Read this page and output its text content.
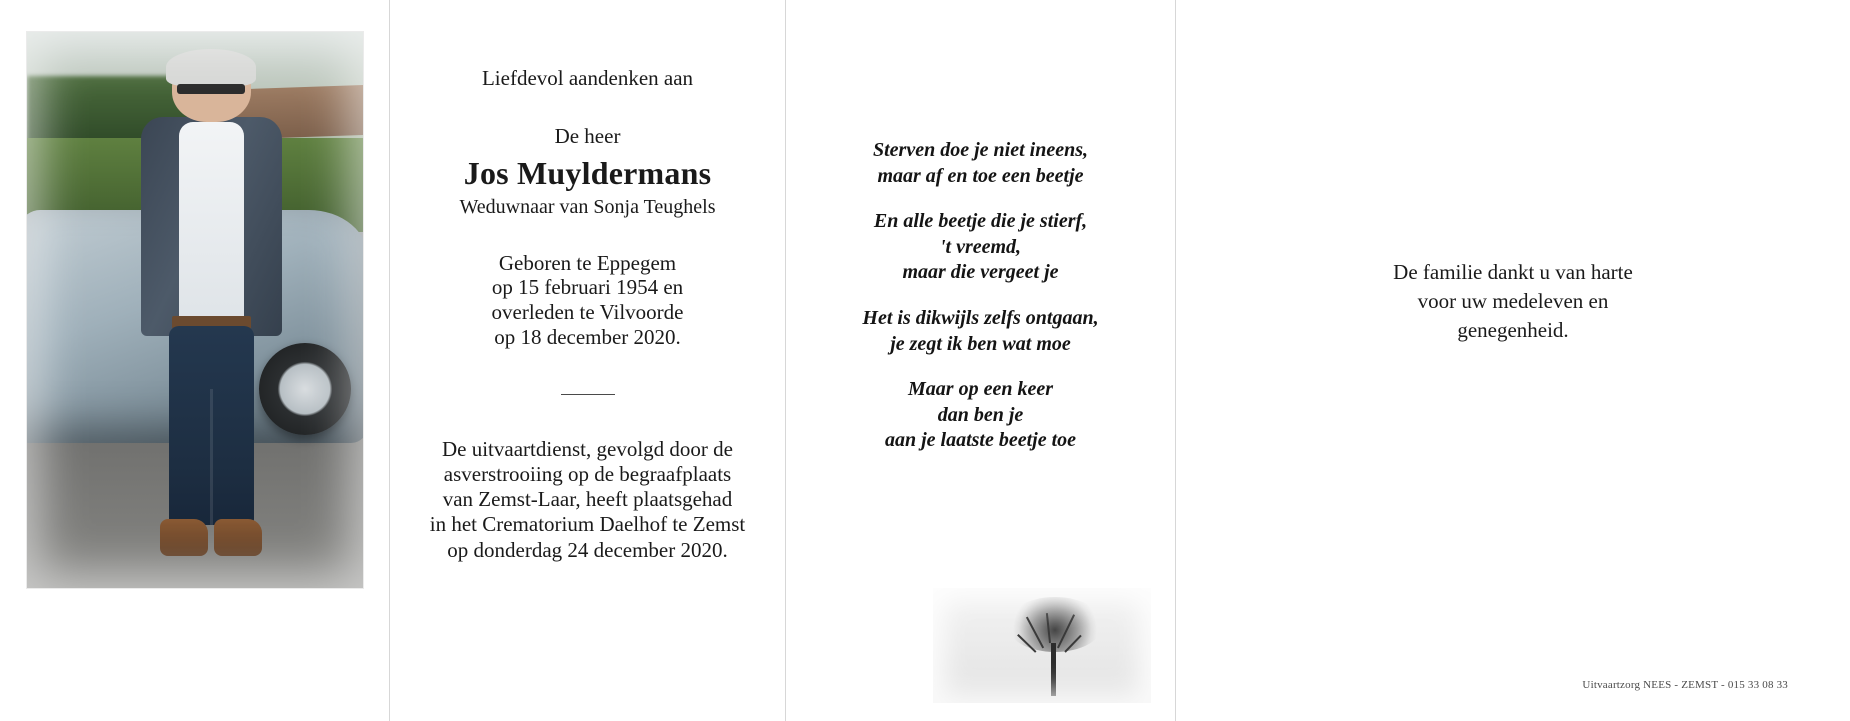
Liefdevol aandenken aan
De heer
Jos Muyldermans
Weduwnaar van Sonja Teughels
Geboren te Eppegem
op 15 februari 1954 en
overleden te Vilvoorde
op 18 december 2020.
De uitvaartdienst, gevolgd door de
asverstrooiing op de begraafplaats
van Zemst-Laar, heeft plaatsgehad
in het Crematorium Daelhof te Zemst
op donderdag 24 december 2020.
Sterven doe je niet ineens,
maar af en toe een beetje
En alle beetje die je stierf,
't vreemd,
maar die vergeet je
Het is dikwijls zelfs ontgaan,
je zegt ik ben wat moe
Maar op een keer
dan ben je
aan je laatste beetje toe
De familie dankt u van harte
voor uw medeleven en
genegenheid.
Uitvaartzorg NEES - ZEMST - 015 33 08 33
